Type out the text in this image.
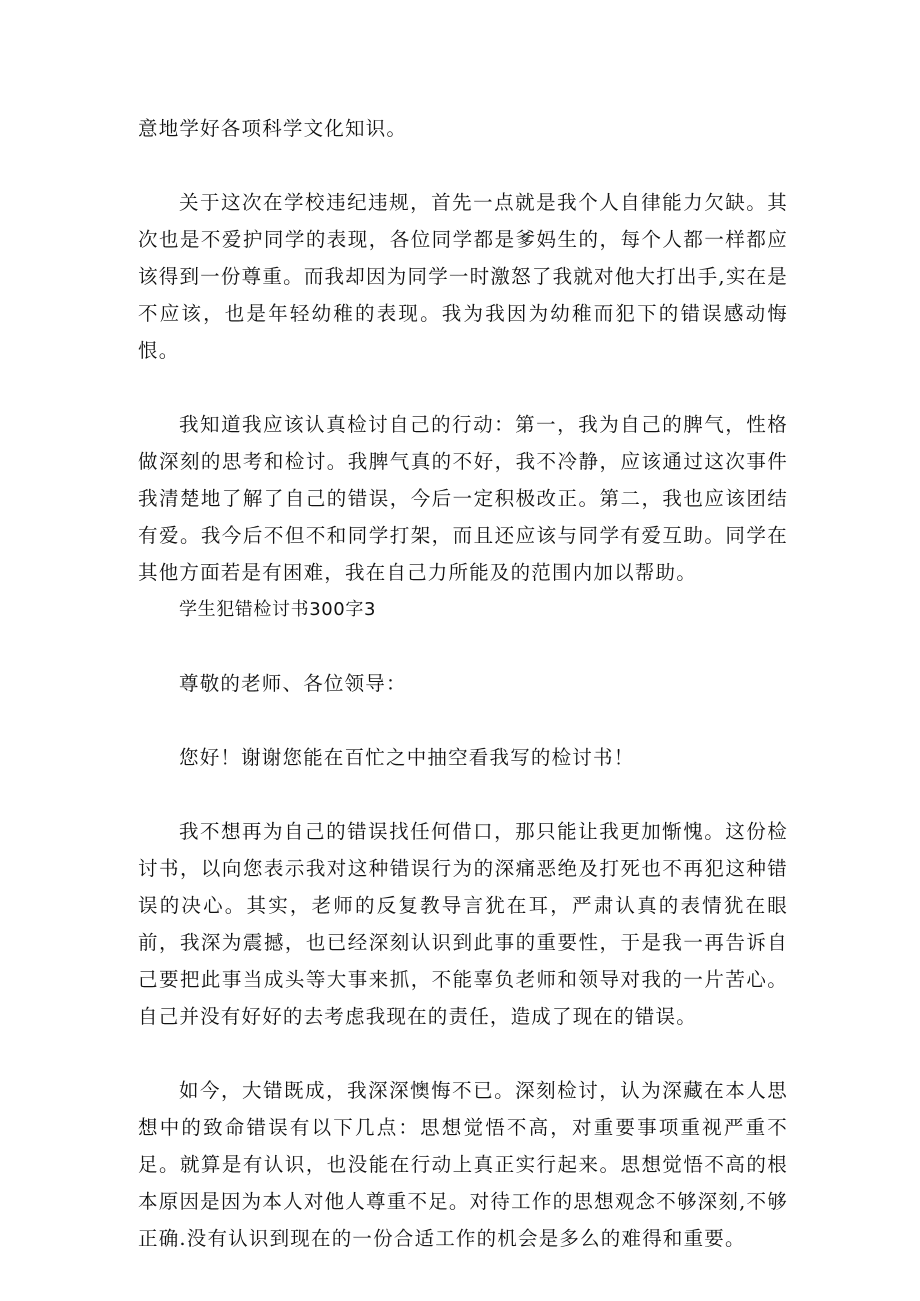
意地学好各项科学文化知识。

关于这次在学校违纪违规，首先一点就是我个人自律能力欠缺。其次也是不爱护同学的表现，各位同学都是爹妈生的，每个人都一样都应该得到一份尊重。而我却因为同学一时激怒了我就对他大打出手,实在是不应该，也是年轻幼稚的表现。我为我因为幼稚而犯下的错误感动悔恨。

我知道我应该认真检讨自己的行动：第一，我为自己的脾气，性格做深刻的思考和检讨。我脾气真的不好，我不冷静，应该通过这次事件我清楚地了解了自己的错误，今后一定积极改正。第二，我也应该团结有爱。我今后不但不和同学打架，而且还应该与同学有爱互助。同学在其他方面若是有困难，我在自己力所能及的范围内加以帮助。

学生犯错检讨书300字3

尊敬的老师、各位领导：

您好！谢谢您能在百忙之中抽空看我写的检讨书！

我不想再为自己的错误找任何借口，那只能让我更加惭愧。这份检讨书，以向您表示我对这种错误行为的深痛恶绝及打死也不再犯这种错误的决心。其实，老师的反复教导言犹在耳，严肃认真的表情犹在眼前，我深为震撼，也已经深刻认识到此事的重要性，于是我一再告诉自己要把此事当成头等大事来抓，不能辜负老师和领导对我的一片苦心。自己并没有好好的去考虑我现在的责任，造成了现在的错误。

如今，大错既成，我深深懊悔不已。深刻检讨，认为深藏在本人思想中的致命错误有以下几点：思想觉悟不高，对重要事项重视严重不足。就算是有认识，也没能在行动上真正实行起来。思想觉悟不高的根本原因是因为本人对他人尊重不足。对待工作的思想观念不够深刻,不够正确.没有认识到现在的一份合适工作的机会是多么的难得和重要。
